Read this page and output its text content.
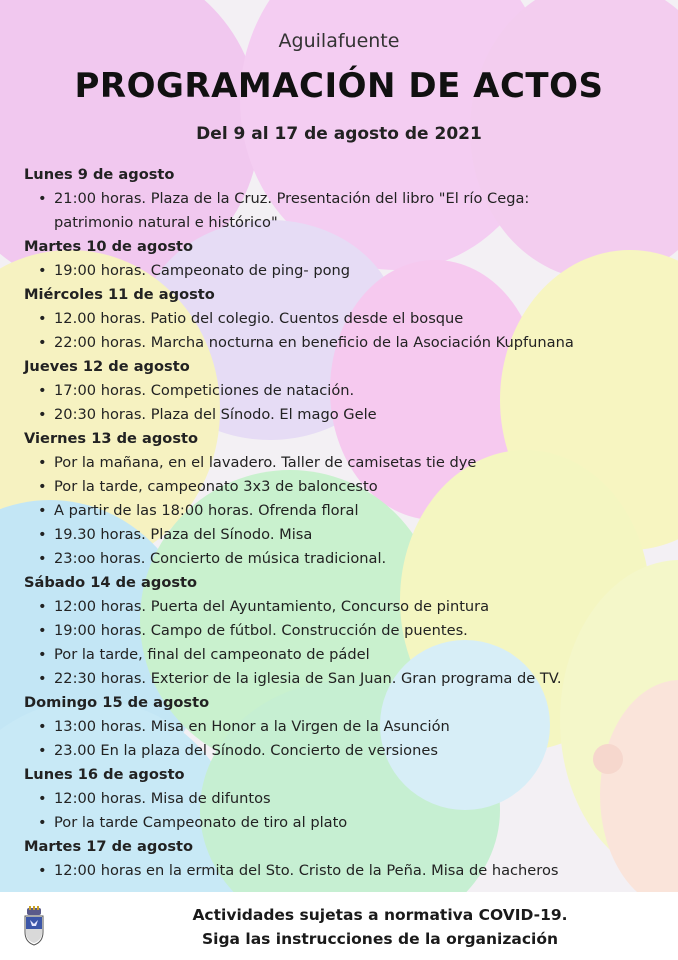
Aguilafuente
PROGRAMACIÓN DE ACTOS
Del 9 al 17 de agosto de 2021
Lunes 9 de agosto
• 21:00 horas. Plaza de la Cruz. Presentación del libro "El río Cega:
patrimonio natural e histórico"
Martes 10 de agosto
• 19:00 horas. Campeonato de ping- pong
Miércoles 11 de agosto
• 12.00 horas. Patio del colegio. Cuentos desde el bosque
• 22:00 horas. Marcha nocturna en beneficio de la Asociación Kupfunana
Jueves 12 de agosto
• 17:00 horas. Competiciones de natación.
• 20:30 horas. Plaza del Sínodo. El mago Gele
Viernes 13 de agosto
• Por la mañana, en el lavadero. Taller de camisetas tie dye
• Por la tarde, campeonato 3x3 de baloncesto
• A partir de las 18:00 horas. Ofrenda floral
• 19.30 horas. Plaza del Sínodo. Misa
• 23:oo horas. Concierto de música tradicional.
Sábado 14 de agosto
• 12:00 horas. Puerta del Ayuntamiento, Concurso de pintura
• 19:00 horas. Campo de fútbol. Construcción de puentes.
• Por la tarde, final del campeonato de pádel
• 22:30 horas. Exterior de la iglesia de San Juan. Gran programa de TV.
Domingo 15 de agosto
• 13:00 horas. Misa en Honor a la Virgen de la Asunción
• 23.00 En la plaza del Sínodo. Concierto de versiones
Lunes 16 de agosto
• 12:00 horas. Misa de difuntos
• Por la tarde Campeonato de tiro al plato
Martes 17 de agosto
• 12:00 horas en la ermita del Sto. Cristo de la Peña. Misa de hacheros
Actividades sujetas a normativa COVID-19.
Siga las instrucciones de la organización
